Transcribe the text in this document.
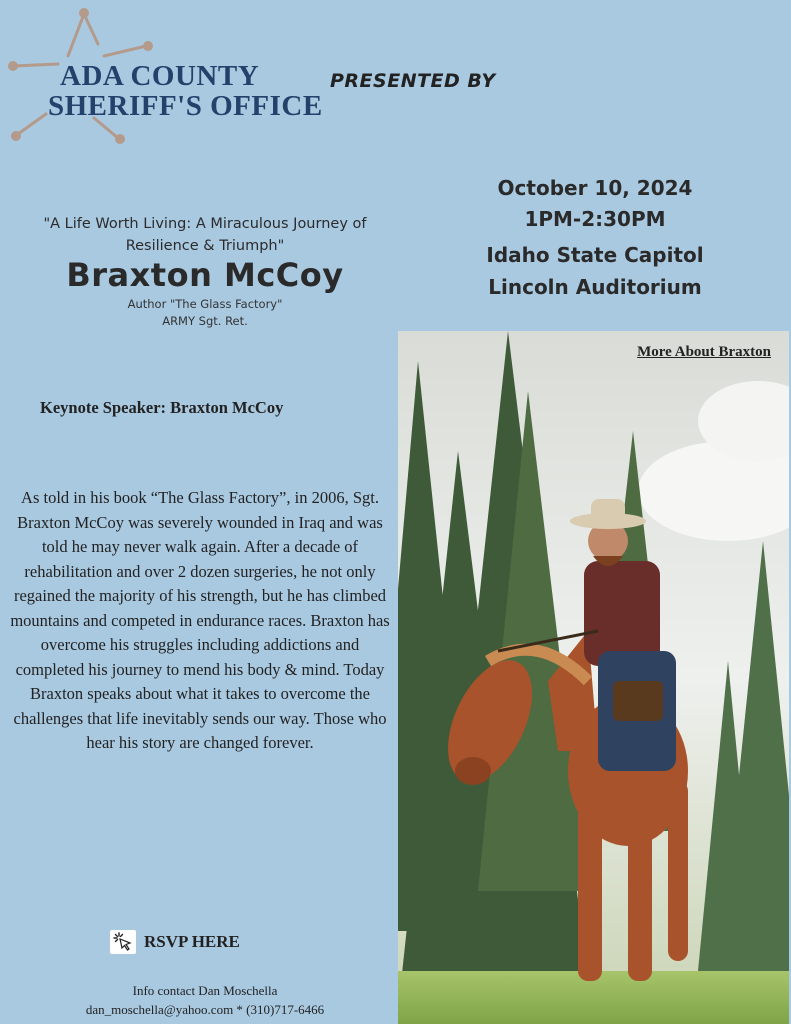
ADA COUNTY
SHERIFF'S OFFICE
PRESENTED BY
October 10, 2024
1PM-2:30PM
Idaho State Capitol
Lincoln Auditorium
"A Life Worth Living: A Miraculous Journey of Resilience & Triumph"
Braxton McCoy
Author "The Glass Factory"
ARMY Sgt. Ret.
More About Braxton
Keynote Speaker: Braxton McCoy
As told in his book “The Glass Factory”, in 2006, Sgt. Braxton McCoy was severely wounded in Iraq and was told he may never walk again. After a decade of rehabilitation and over 2 dozen surgeries, he not only regained the majority of his strength, but he has climbed mountains and competed in endurance races. Braxton has overcome his struggles including addictions and completed his journey to mend his body & mind. Today Braxton speaks about what it takes to overcome the challenges that life inevitably sends our way. Those who hear his story are changed forever.
RSVP HERE
Info contact Dan Moschella
dan_moschella@yahoo.com * (310)717-6466
